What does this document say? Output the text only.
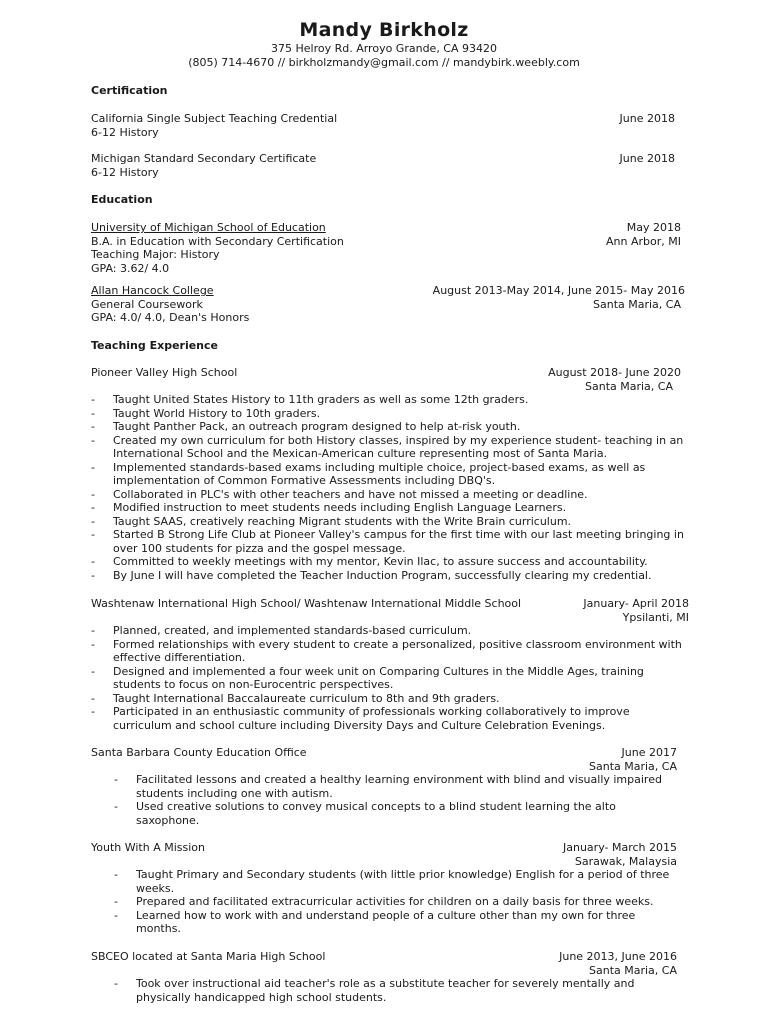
Mandy Birkholz
375 Helroy Rd. Arroyo Grande, CA 93420
(805) 714-4670 // birkholzmandy@gmail.com // mandybirk.weebly.com
Certification
California Single Subject Teaching Credential	June 2018
6-12 History
Michigan Standard Secondary Certificate	June 2018
6-12 History
Education
University of Michigan School of Education	May 2018
B.A. in Education with Secondary Certification	Ann Arbor, MI
Teaching Major: History
GPA: 3.62/ 4.0
Allan Hancock College	August 2013-May 2014, June 2015- May 2016
General Coursework	Santa Maria, CA
GPA: 4.0/ 4.0, Dean's Honors
Teaching Experience
Pioneer Valley High School	August 2018- June 2020
Santa Maria, CA
- Taught United States History to 11th graders as well as some 12th graders.
- Taught World History to 10th graders.
- Taught Panther Pack, an outreach program designed to help at-risk youth.
- Created my own curriculum for both History classes, inspired by my experience student- teaching in an International School and the Mexican-American culture representing most of Santa Maria.
- Implemented standards-based exams including multiple choice, project-based exams, as well as implementation of Common Formative Assessments including DBQ's.
- Collaborated in PLC's with other teachers and have not missed a meeting or deadline.
- Modified instruction to meet students needs including English Language Learners.
- Taught SAAS, creatively reaching Migrant students with the Write Brain curriculum.
- Started B Strong Life Club at Pioneer Valley's campus for the first time with our last meeting bringing in over 100 students for pizza and the gospel message.
- Committed to weekly meetings with my mentor, Kevin Ilac, to assure success and accountability.
- By June I will have completed the Teacher Induction Program, successfully clearing my credential.
Washtenaw International High School/ Washtenaw International Middle School	January- April 2018
Ypsilanti, MI
- Planned, created, and implemented standards-based curriculum.
- Formed relationships with every student to create a personalized, positive classroom environment with effective differentiation.
- Designed and implemented a four week unit on Comparing Cultures in the Middle Ages, training students to focus on non-Eurocentric perspectives.
- Taught International Baccalaureate curriculum to 8th and 9th graders.
- Participated in an enthusiastic community of professionals working collaboratively to improve curriculum and school culture including Diversity Days and Culture Celebration Evenings.
Santa Barbara County Education Office	June 2017
Santa Maria, CA
- Facilitated lessons and created a healthy learning environment with blind and visually impaired students including one with autism.
- Used creative solutions to convey musical concepts to a blind student learning the alto saxophone.
Youth With A Mission	January- March 2015
Sarawak, Malaysia
- Taught Primary and Secondary students (with little prior knowledge) English for a period of three weeks.
- Prepared and facilitated extracurricular activities for children on a daily basis for three weeks.
- Learned how to work with and understand people of a culture other than my own for three months.
SBCEO located at Santa Maria High School	June 2013, June 2016
Santa Maria, CA
- Took over instructional aid teacher's role as a substitute teacher for severely mentally and physically handicapped high school students.
